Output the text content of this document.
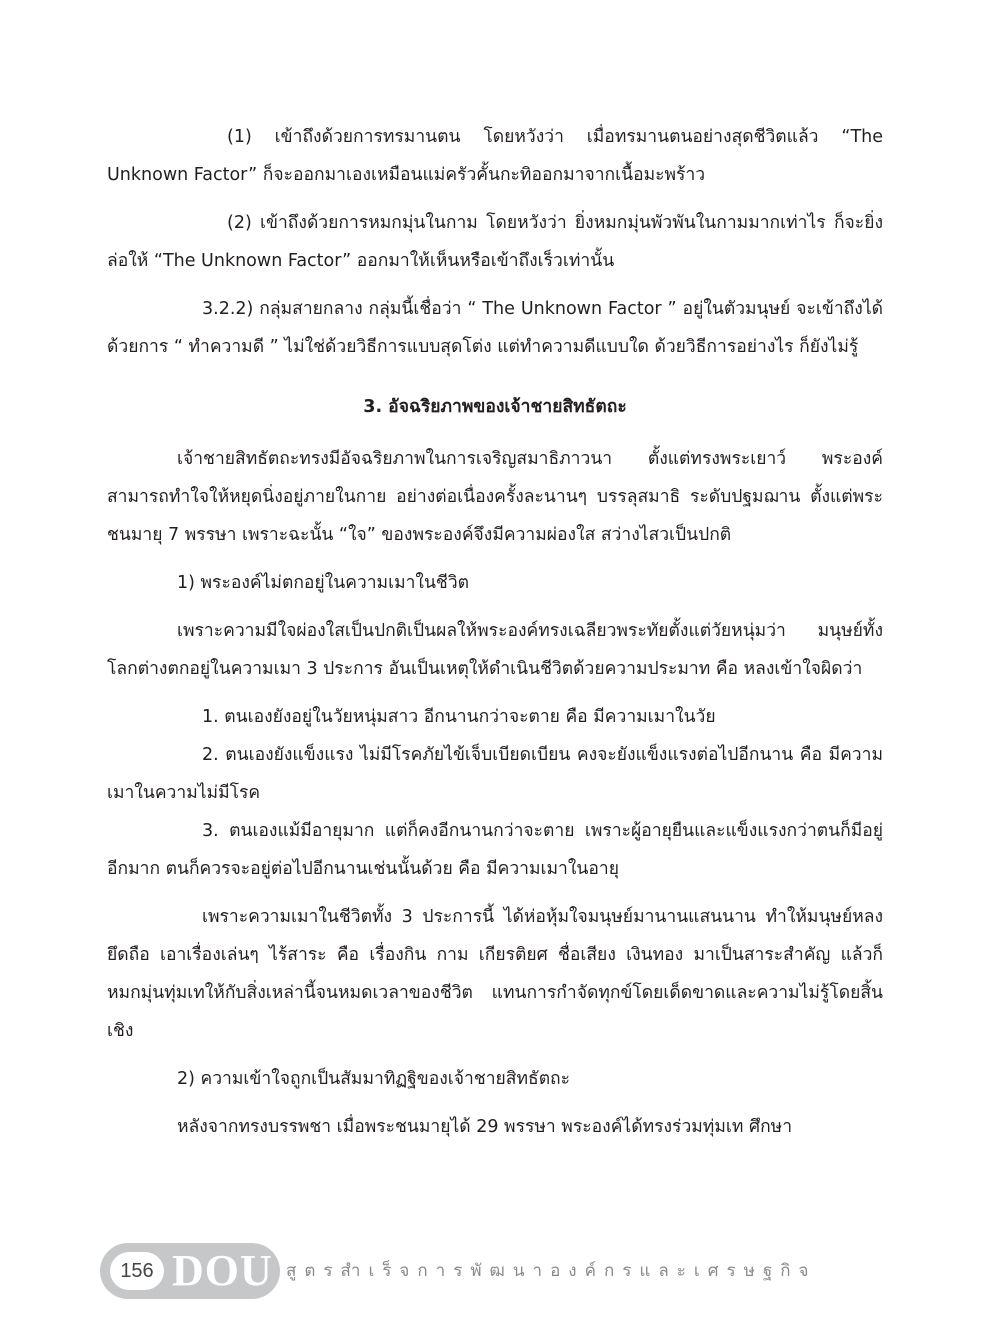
(1) เข้าถึงด้วยการทรมานตน โดยหวังว่า เมื่อทรมานตนอย่างสุดชีวิตแล้ว “The Unknown Factor” ก็จะออกมาเองเหมือนแม่ครัวคั้นกะทิออกมาจากเนื้อมะพร้าว

(2) เข้าถึงด้วยการหมกมุ่นในกาม โดยหวังว่า ยิ่งหมกมุ่นพัวพันในกามมากเท่าไร ก็จะยิ่งล่อให้ “The Unknown Factor” ออกมาให้เห็นหรือเข้าถึงเร็วเท่านั้น

3.2.2) กลุ่มสายกลาง กลุ่มนี้เชื่อว่า “ The Unknown Factor ” อยู่ในตัวมนุษย์ จะเข้าถึงได้ด้วยการ “ ทำความดี ” ไม่ใช่ด้วยวิธีการแบบสุดโต่ง แต่ทำความดีแบบใด ด้วยวิธีการอย่างไร ก็ยังไม่รู้

3. อัจฉริยภาพของเจ้าชายสิทธัตถะ

เจ้าชายสิทธัตถะทรงมีอัจฉริยภาพในการเจริญสมาธิภาวนา ตั้งแต่ทรงพระเยาว์ พระองค์สามารถทำใจให้หยุดนิ่งอยู่ภายในกาย อย่างต่อเนื่องครั้งละนานๆ บรรลุสมาธิ ระดับปฐมฌาน ตั้งแต่พระชนมายุ 7 พรรษา เพราะฉะนั้น “ใจ” ของพระองค์จึงมีความผ่องใส สว่างไสวเป็นปกติ

1) พระองค์ไม่ตกอยู่ในความเมาในชีวิต

เพราะความมีใจผ่องใสเป็นปกติเป็นผลให้พระองค์ทรงเฉลียวพระทัยตั้งแต่วัยหนุ่มว่า มนุษย์ทั้งโลกต่างตกอยู่ในความเมา 3 ประการ อันเป็นเหตุให้ดำเนินชีวิตด้วยความประมาท คือ หลงเข้าใจผิดว่า

1. ตนเองยังอยู่ในวัยหนุ่มสาว อีกนานกว่าจะตาย คือ มีความเมาในวัย

2. ตนเองยังแข็งแรง ไม่มีโรคภัยไข้เจ็บเบียดเบียน คงจะยังแข็งแรงต่อไปอีกนาน คือ มีความเมาในความไม่มีโรค

3. ตนเองแม้มีอายุมาก แต่ก็คงอีกนานกว่าจะตาย เพราะผู้อายุยืนและแข็งแรงกว่าตนก็มีอยู่อีกมาก ตนก็ควรจะอยู่ต่อไปอีกนานเช่นนั้นด้วย คือ มีความเมาในอายุ

เพราะความเมาในชีวิตทั้ง 3 ประการนี้ ได้ห่อหุ้มใจมนุษย์มานานแสนนาน ทำให้มนุษย์หลงยึดถือ เอาเรื่องเล่นๆ ไร้สาระ คือ เรื่องกิน กาม เกียรติยศ ชื่อเสียง เงินทอง มาเป็นสาระสำคัญ แล้วก็หมกมุ่นทุ่มเทให้กับสิ่งเหล่านี้จนหมดเวลาของชีวิต แทนการกำจัดทุกข์โดยเด็ดขาดและความไม่รู้โดยสิ้นเชิง

2) ความเข้าใจถูกเป็นสัมมาทิฏฐิของเจ้าชายสิทธัตถะ

หลังจากทรงบรรพชา เมื่อพระชนมายุได้ 29 พรรษา พระองค์ได้ทรงร่วมทุ่มเท ศึกษา

156 DOU สูตรสำเร็จการพัฒนาองค์กรและเศรษฐกิจ
